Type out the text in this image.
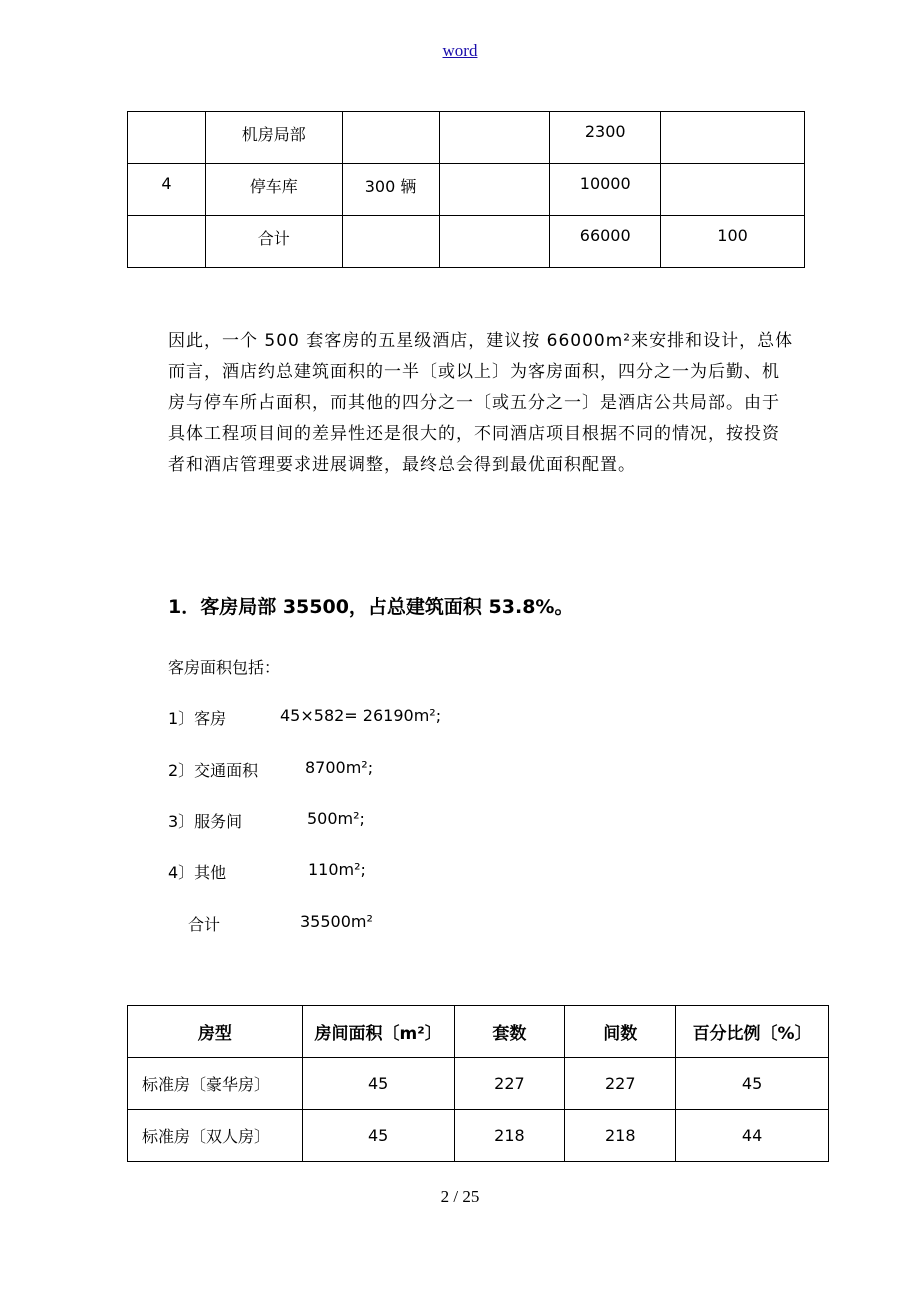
word
	机房局部			2300	
4	停车库	300 辆		10000	
	合计			66000	100

因此，一个 500 套客房的五星级酒店，建议按 66000m²来安排和设计，总体而言，酒店约总建筑面积的一半〔或以上〕为客房面积，四分之一为后勤、机房与停车所占面积，而其他的四分之一〔或五分之一〕是酒店公共局部。由于具体工程项目间的差异性还是很大的，不同酒店项目根据不同的情况，按投资者和酒店管理要求进展调整，最终总会得到最优面积配置。

1．客房局部 35500，占总建筑面积 53.8%。

客房面积包括：

1〕客房	45×582= 26190m²;

2〕交通面积	8700m²;

3〕服务间	500m²;

4〕其他	110m²;

合计	35500m²

房型	房间面积〔m²〕	套数	间数	百分比例〔%〕
标准房〔豪华房〕	45	227	227	45
标准房〔双人房〕	45	218	218	44
2 / 25
